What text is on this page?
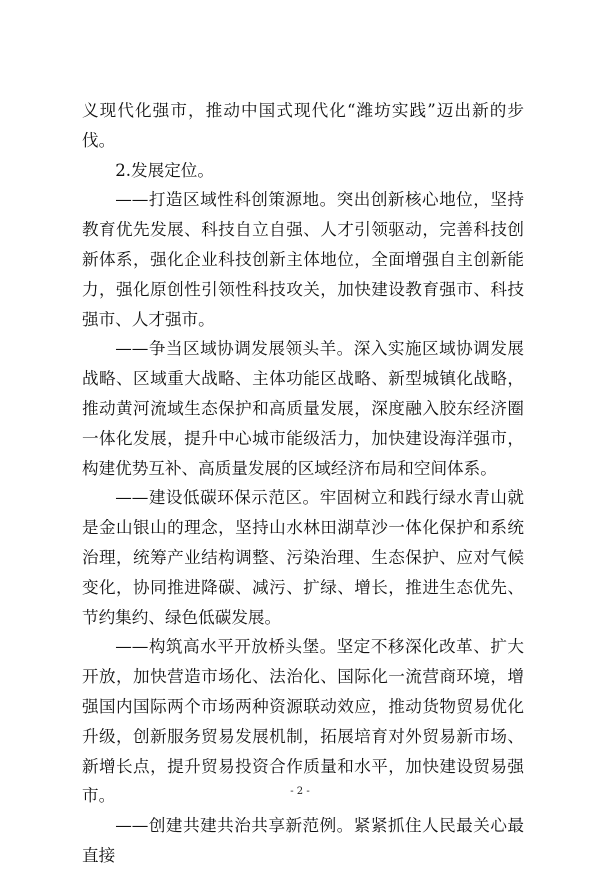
义现代化强市，推动中国式现代化“潍坊实践”迈出新的步伐。

2.发展定位。

——打造区域性科创策源地。突出创新核心地位，坚持教育优先发展、科技自立自强、人才引领驱动，完善科技创新体系，强化企业科技创新主体地位，全面增强自主创新能力，强化原创性引领性科技攻关，加快建设教育强市、科技强市、人才强市。

——争当区域协调发展领头羊。深入实施区域协调发展战略、区域重大战略、主体功能区战略、新型城镇化战略，推动黄河流域生态保护和高质量发展，深度融入胶东经济圈一体化发展，提升中心城市能级活力，加快建设海洋强市，构建优势互补、高质量发展的区域经济布局和空间体系。

——建设低碳环保示范区。牢固树立和践行绿水青山就是金山银山的理念，坚持山水林田湖草沙一体化保护和系统治理，统筹产业结构调整、污染治理、生态保护、应对气候变化，协同推进降碳、减污、扩绿、增长，推进生态优先、节约集约、绿色低碳发展。

——构筑高水平开放桥头堡。坚定不移深化改革、扩大开放，加快营造市场化、法治化、国际化一流营商环境，增强国内国际两个市场两种资源联动效应，推动货物贸易优化升级，创新服务贸易发展机制，拓展培育对外贸易新市场、新增长点，提升贸易投资合作质量和水平，加快建设贸易强市。

——创建共建共治共享新范例。紧紧抓住人民最关心最直接

- 2 -
